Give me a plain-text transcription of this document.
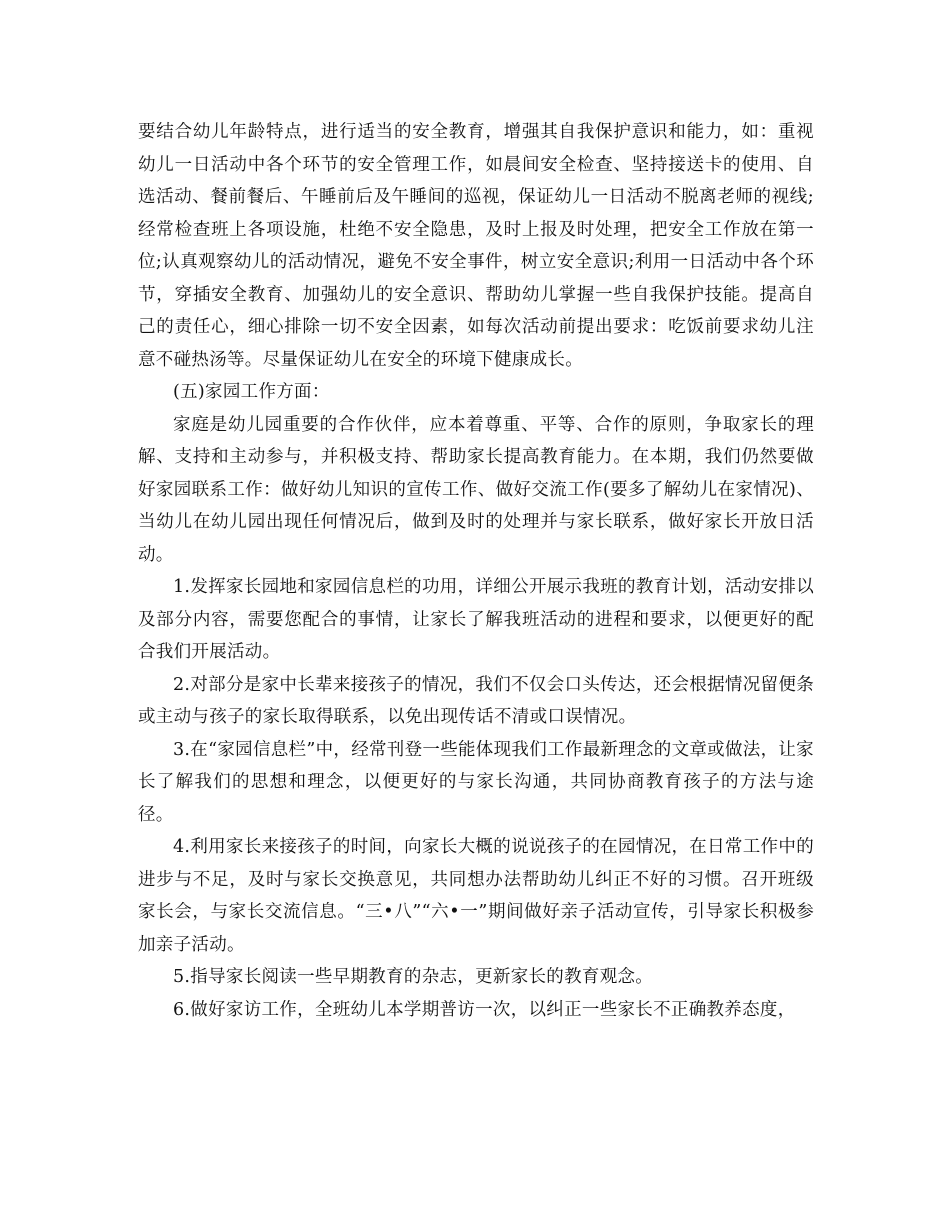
要结合幼儿年龄特点，进行适当的安全教育，增强其自我保护意识和能力，如：重视幼儿一日活动中各个环节的安全管理工作，如晨间安全检查、坚持接送卡的使用、自选活动、餐前餐后、午睡前后及午睡间的巡视，保证幼儿一日活动不脱离老师的视线;经常检查班上各项设施，杜绝不安全隐患，及时上报及时处理，把安全工作放在第一位;认真观察幼儿的活动情况，避免不安全事件，树立安全意识;利用一日活动中各个环节，穿插安全教育、加强幼儿的安全意识、帮助幼儿掌握一些自我保护技能。提高自己的责任心，细心排除一切不安全因素，如每次活动前提出要求：吃饭前要求幼儿注意不碰热汤等。尽量保证幼儿在安全的环境下健康成长。

(五)家园工作方面：

家庭是幼儿园重要的合作伙伴，应本着尊重、平等、合作的原则，争取家长的理解、支持和主动参与，并积极支持、帮助家长提高教育能力。在本期，我们仍然要做好家园联系工作：做好幼儿知识的宣传工作、做好交流工作(要多了解幼儿在家情况)、当幼儿在幼儿园出现任何情况后，做到及时的处理并与家长联系，做好家长开放日活动。

1.发挥家长园地和家园信息栏的功用，详细公开展示我班的教育计划，活动安排以及部分内容，需要您配合的事情，让家长了解我班活动的进程和要求，以便更好的配合我们开展活动。

2.对部分是家中长辈来接孩子的情况，我们不仅会口头传达，还会根据情况留便条或主动与孩子的家长取得联系，以免出现传话不清或口误情况。

3.在“家园信息栏”中，经常刊登一些能体现我们工作最新理念的文章或做法，让家长了解我们的思想和理念，以便更好的与家长沟通，共同协商教育孩子的方法与途径。

4.利用家长来接孩子的时间，向家长大概的说说孩子的在园情况，在日常工作中的进步与不足，及时与家长交换意见，共同想办法帮助幼儿纠正不好的习惯。召开班级家长会，与家长交流信息。“三•八”“六•一”期间做好亲子活动宣传，引导家长积极参加亲子活动。

5.指导家长阅读一些早期教育的杂志，更新家长的教育观念。

6.做好家访工作，全班幼儿本学期普访一次，以纠正一些家长不正确教养态度，
